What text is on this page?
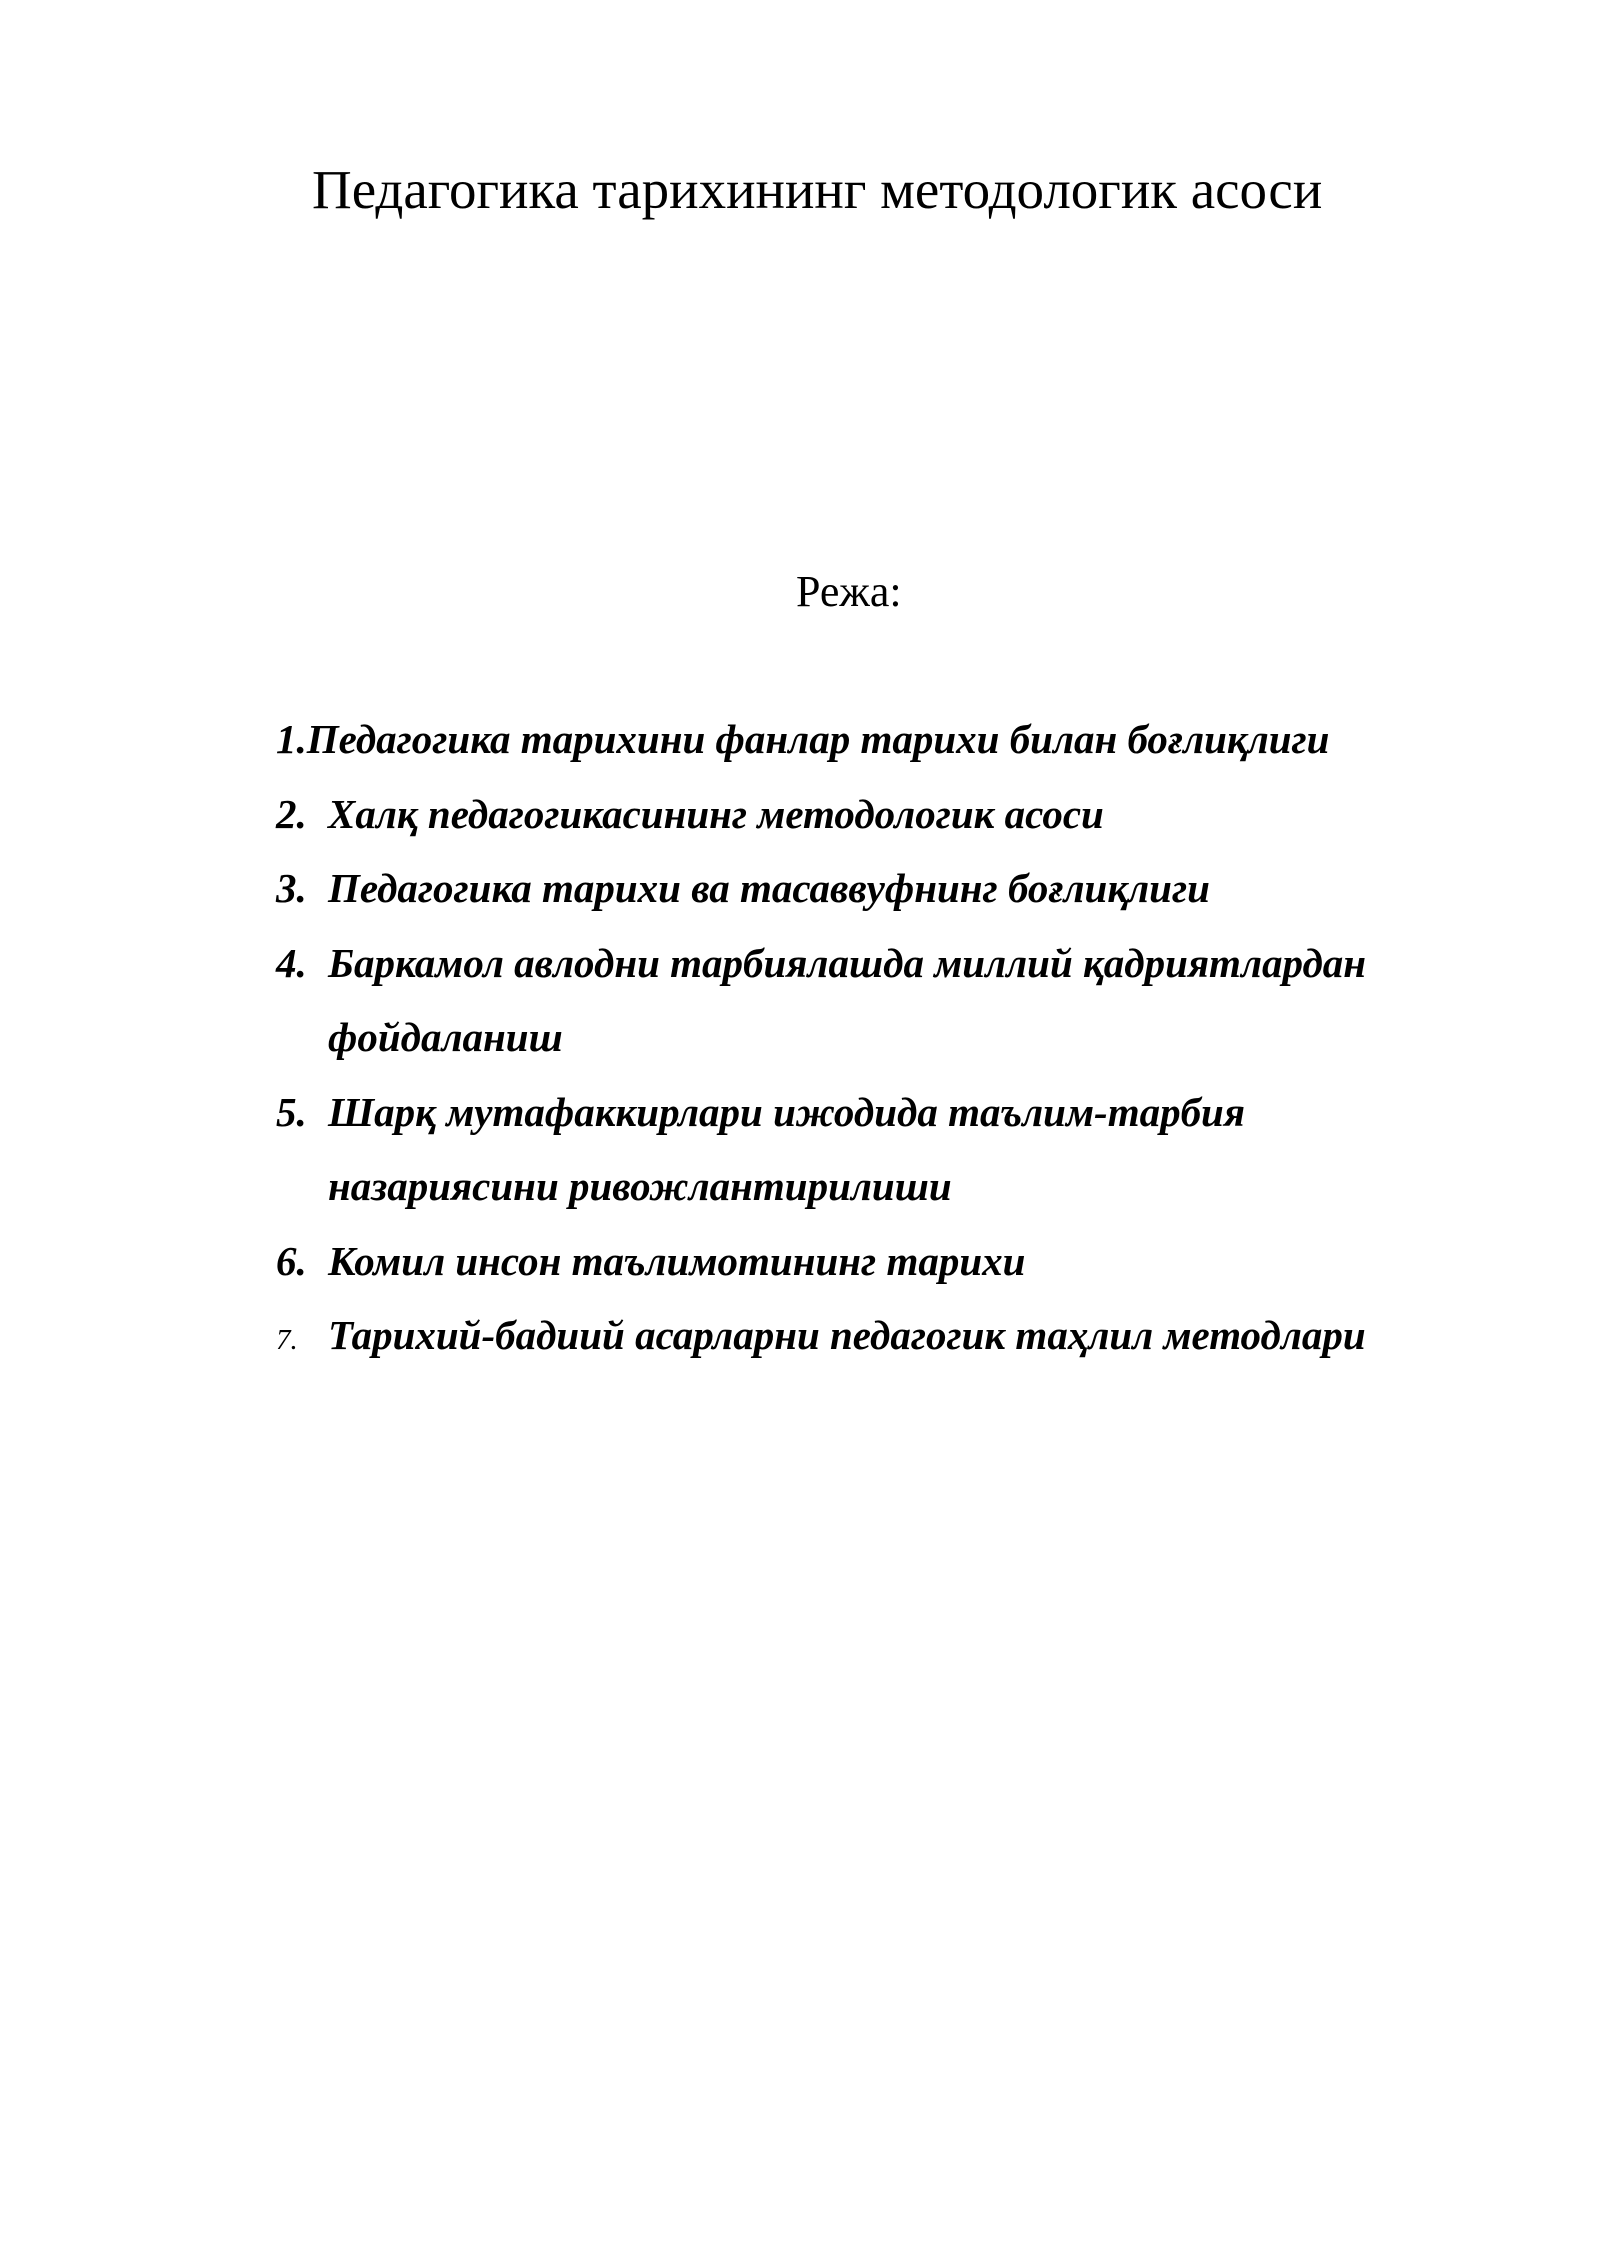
Педагогика тарихининг методологик асоси
Режа:
1.Педагогика тарихини фанлар тарихи билан боғлиқлиги
2. Халқ педагогикасининг методологик асоси
3. Педагогика тарихи ва тасаввуфнинг боғлиқлиги
4. Баркамол авлодни тарбиялашда миллий қадриятлардан
фойдаланиш
5. Шарқ мутафаккирлари ижодида таълим-тарбия
назариясини ривожлантирилиши
6. Комил инсон таълимотининг тарихи
7. Тарихий-бадиий асарларни педагогик таҳлил методлари
